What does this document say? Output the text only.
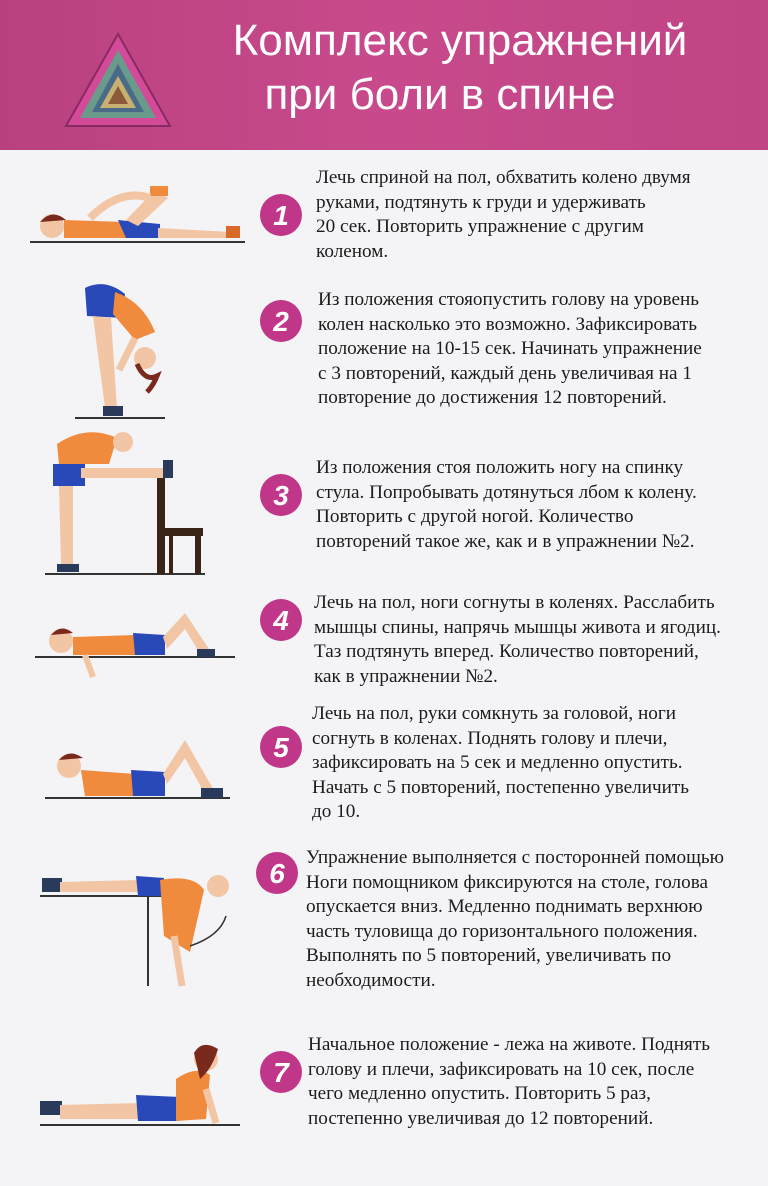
Комплекс упражнений
при боли в спине
1
Лечь сприной на пол, обхватить колено двумя
руками, подтянуть к груди и удерживать
20 сек. Повторить упражнение с другим
коленом.
2
Из положения стояопустить голову на уровень
колен насколько это возможно. Зафиксировать
положение на 10-15 сек. Начинать упражнение
с 3 повторений, каждый день увеличивая на 1
повторение до достижения 12 повторений.
3
Из положения стоя положить ногу на спинку
стула. Попробывать дотянуться лбом к колену.
Повторить с другой ногой. Количество
повторений такое же, как и в упражнении №2.
4
Лечь на пол, ноги согнуты в коленях. Расслабить
мышцы спины, напрячь мышцы живота и ягодиц.
Таз подтянуть вперед. Количество повторений,
как в упражнении №2.
5
Лечь на пол, руки сомкнуть за головой, ноги
согнуть в коленах. Поднять голову и плечи,
зафиксировать на 5 сек и медленно опустить.
Начать с 5 повторений, постепенно увеличить
до 10.
6
Упражнение выполняется с посторонней помощью
Ноги помощником фиксируются на столе, голова
опускается вниз. Медленно поднимать верхнюю
часть туловища до горизонтального положения.
Выполнять по 5 повторений, увеличивать по
необходимости.
7
Начальное положение - лежа на животе. Поднять
голову и плечи, зафиксировать на 10 сек, после
чего медленно опустить. Повторить 5 раз,
постепенно увеличивая до 12 повторений.
